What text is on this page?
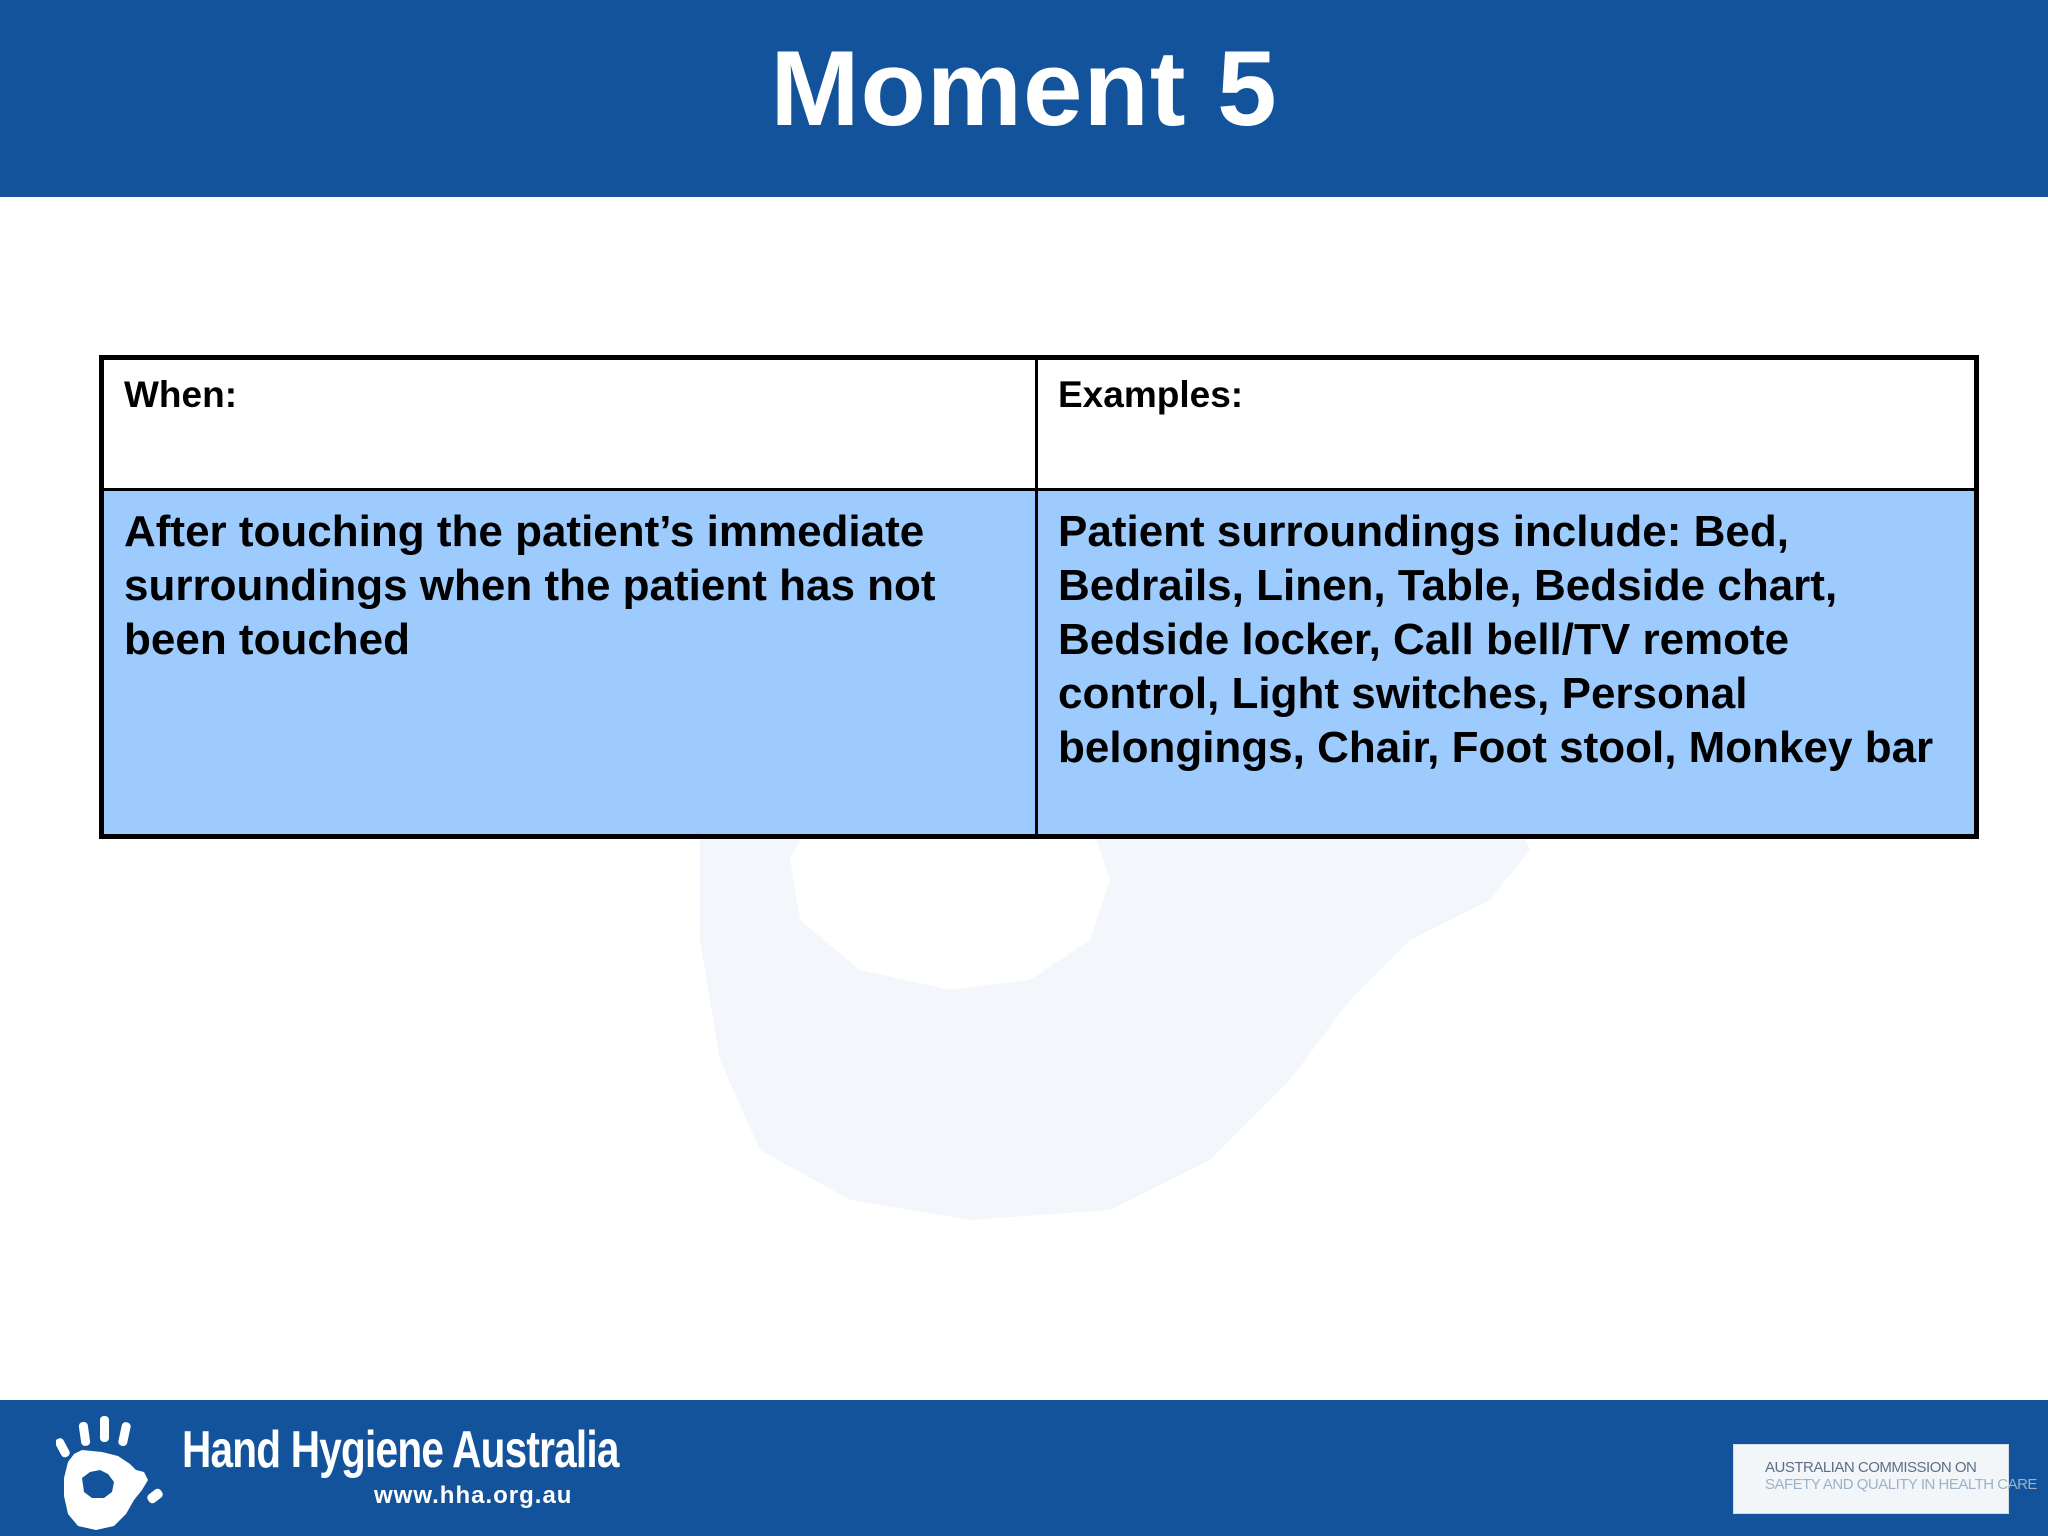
Moment 5
When:	Examples:
After touching the patient’s immediate surroundings when the patient has not been touched
Patient surroundings include: Bed, Bedrails, Linen, Table, Bedside chart, Bedside locker, Call bell/TV remote control, Light switches, Personal belongings, Chair, Foot stool, Monkey bar
Hand Hygiene Australia
www.hha.org.au
AUSTRALIAN COMMISSION ON
SAFETY AND QUALITY IN HEALTH CARE
